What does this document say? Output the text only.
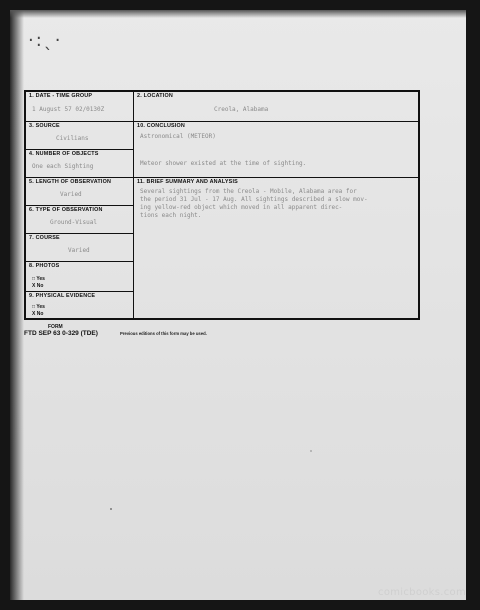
·:ˎ·
1. DATE - TIME GROUP
1 August 57 02/0130Z
3. SOURCE
Civilians
4. NUMBER OF OBJECTS
One each Sighting
5. LENGTH OF OBSERVATION
Varied
6. TYPE OF OBSERVATION
Ground-Visual
7. COURSE
Varied
8. PHOTOS
□ Yes
X No
9. PHYSICAL EVIDENCE
□ Yes
X No
2. LOCATION
Creola, Alabama
10. CONCLUSION
Astronomical (METEOR)
Meteor shower existed at the time of sighting.
11. BRIEF SUMMARY AND ANALYSIS
Several sightings from the Creola - Mobile, Alabama area for
the period 31 Jul - 17 Aug. All sightings described a slow mov-
ing yellow-red object which moved in all apparent direc-
tions each night.
FORM
FTD SEP 63 0-329 (TDE)	Previous editions of this form may be used.
comicbooks.com
